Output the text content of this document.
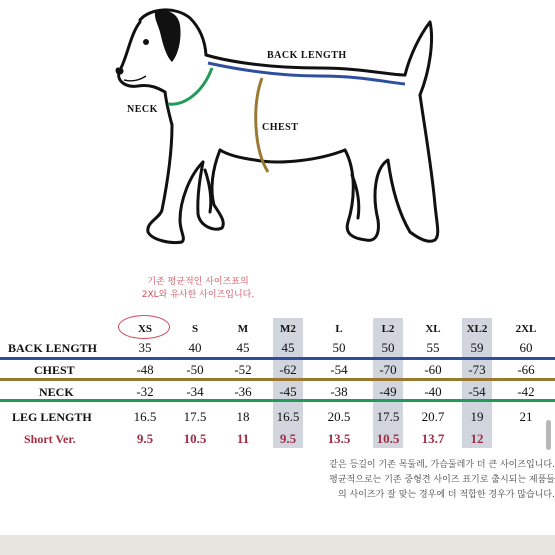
BACK LENGTH
NECK
CHEST
기존 평균적인 사이즈표의
2XL와 유사한 사이즈입니다.
XS	S	M	M2	L	L2	XL	XL2	2XL
BACK LENGTH	35	40	45	45	50	50	55	59	60
CHEST	-48	-50	-52	-62	-54	-70	-60	-73	-66
NECK	-32	-34	-36	-45	-38	-49	-40	-54	-42
LEG LENGTH	16.5	17.5	18	16.5	20.5	17.5	20.7	19	21
Short Ver.	9.5	10.5	11	9.5	13.5	10.5	13.7	12
같은 등길이 기존 목둘레, 가슴둘레가 더 큰 사이즈입니다.
평균적으로는 기존 중형견 사이즈 표기로 출시되는 제품들
의 사이즈가 잘 맞는 경우에 더 적합한 경우가 많습니다.
